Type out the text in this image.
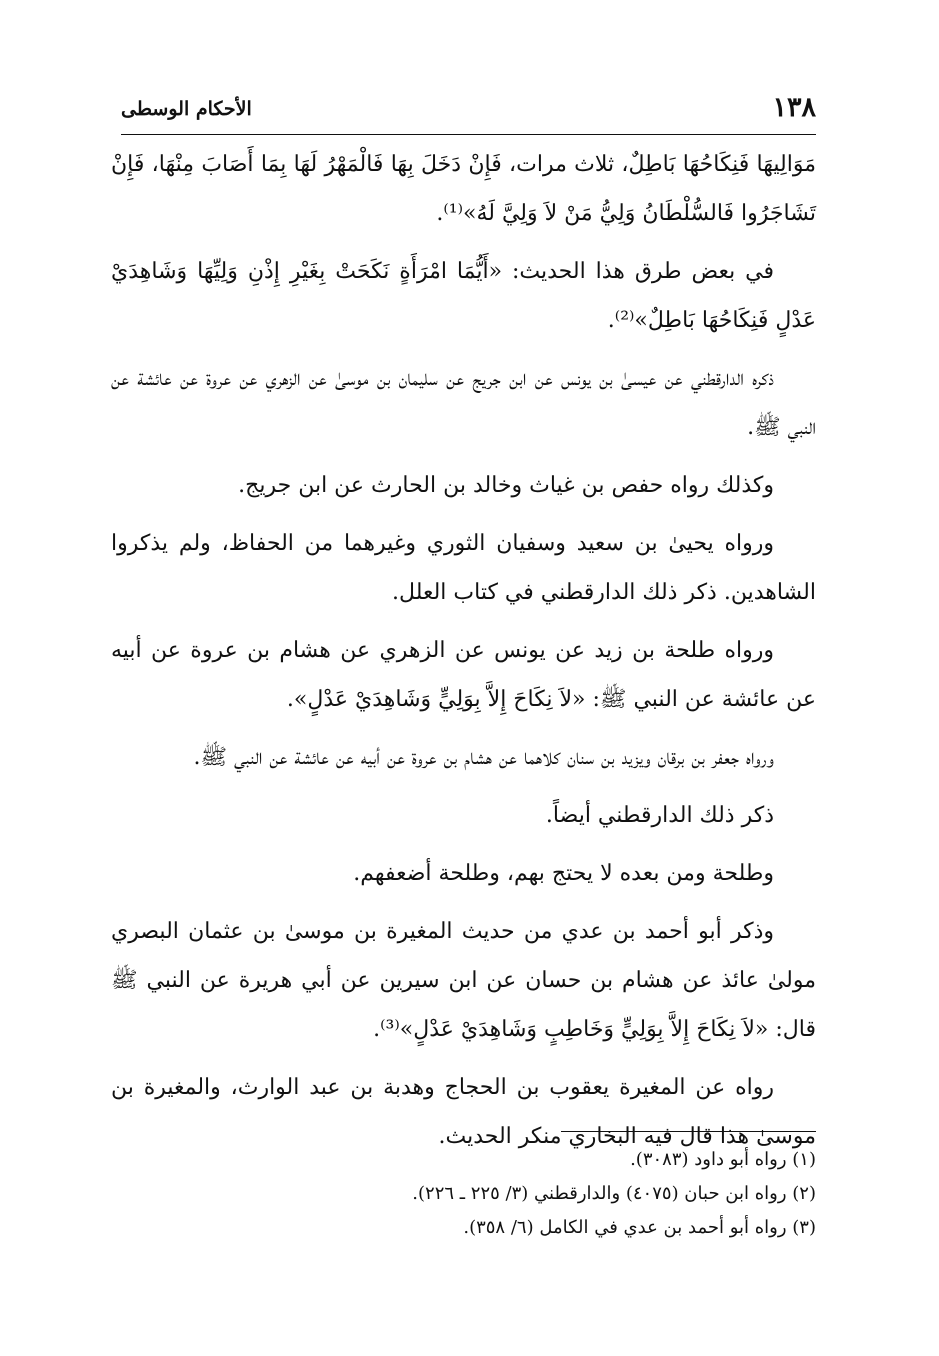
١٣٨
الأحكام الوسطى

مَوَالِيهَا فَنِكَاحُهَا بَاطِلٌ، ثلاث مرات، فَإِنْ دَخَلَ بِهَا فَالْمَهْرُ لَهَا بِمَا أَصَابَ مِنْهَا، فَإِنْ تَشَاجَرُوا فَالسُّلْطَانُ وَلِيُّ مَنْ لاَ وَلِيَّ لَهُ»⁽¹⁾.

في بعض طرق هذا الحديث: «أَيُّمَا امْرَأَةٍ نَكَحَتْ بِغَيْرِ إِذْنِ وَلِيِّهَا وَشَاهِدَيْ عَدْلٍ فَنِكَاحُهَا بَاطِلٌ»⁽²⁾.

ذكره الدارقطني عن عيسىٰ بن يونس عن ابن جريج عن سليمان بن موسىٰ عن الزهري عن عروة عن عائشة عن النبي ﷺ.

وكذلك رواه حفص بن غياث وخالد بن الحارث عن ابن جريج.

ورواه يحيىٰ بن سعيد وسفيان الثوري وغيرهما من الحفاظ، ولم يذكروا الشاهدين. ذكر ذلك الدارقطني في كتاب العلل.

ورواه طلحة بن زيد عن يونس عن الزهري عن هشام بن عروة عن أبيه عن عائشة عن النبي ﷺ: «لاَ نِكَاحَ إِلاَّ بِوَلِيٍّ وَشَاهِدَيْ عَدْلٍ».

ورواه جعفر بن برقان ويزيد بن سنان كلاهما عن هشام بن عروة عن أبيه عن عائشة عن النبي ﷺ.

ذكر ذلك الدارقطني أيضاً.

وطلحة ومن بعده لا يحتج بهم، وطلحة أضعفهم.

وذكر أبو أحمد بن عدي من حديث المغيرة بن موسىٰ بن عثمان البصري مولىٰ عائذ عن هشام بن حسان عن ابن سيرين عن أبي هريرة عن النبي ﷺ قال: «لاَ نِكَاحَ إِلاَّ بِوَلِيٍّ وَخَاطِبٍ وَشَاهِدَيْ عَدْلٍ»⁽³⁾.

رواه عن المغيرة يعقوب بن الحجاج وهدبة بن عبد الوارث، والمغيرة بن موسىٰ هذا قال فيه البخاري منكر الحديث.

(١) رواه أبو داود (٣٠٨٣).

(٢) رواه ابن حبان (٤٠٧٥) والدارقطني (٣/ ٢٢٥ ـ ٢٢٦).

(٣) رواه أبو أحمد بن عدي في الكامل (٦/ ٣٥٨).
